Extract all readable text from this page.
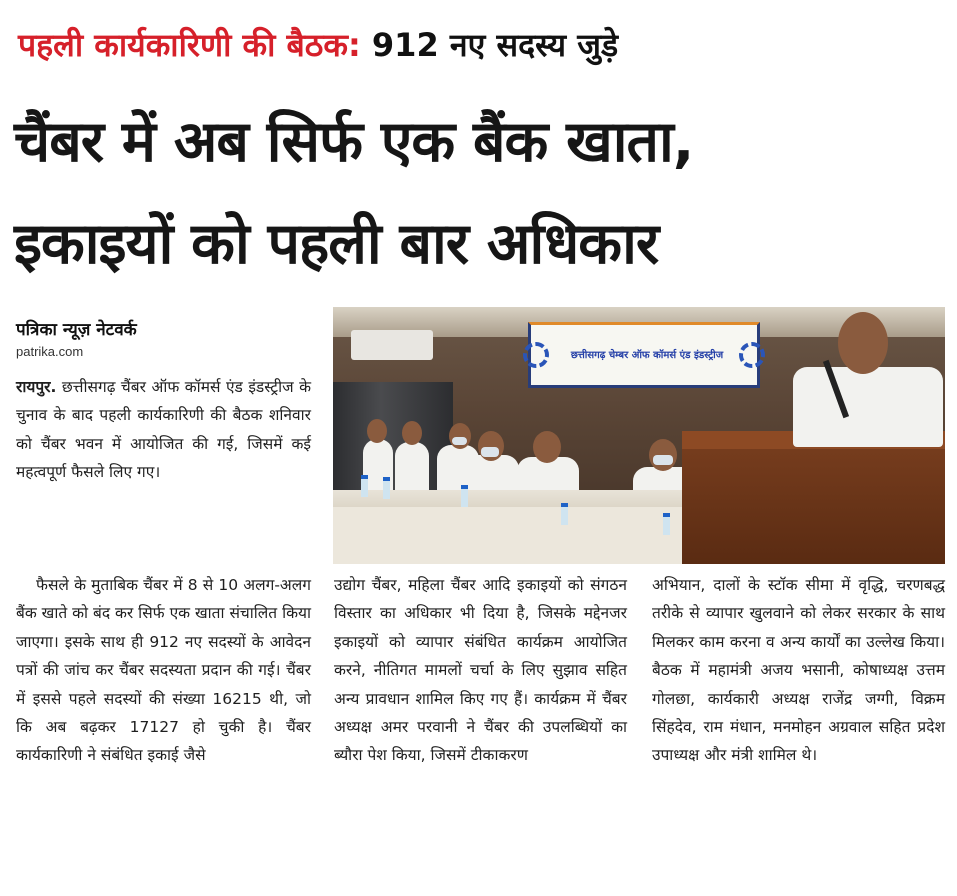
पहली कार्यकारिणी की बैठक: 912 नए सदस्य जुड़े
चैंबर में अब सिर्फ एक बैंक खाता,
इकाइयों को पहली बार अधिकार
पत्रिका न्यूज़ नेटवर्क
patrika.com	छत्तीसगढ़ चेम्बर ऑफ कॉमर्स एंड इंडस्ट्रीज

रायपुर. छत्तीसगढ़ चैंबर ऑफ कॉमर्स एंड इंडस्ट्रीज के चुनाव के बाद पहली कार्यकारिणी की बैठक शनिवार को चैंबर भवन में आयोजित की गई, जिसमें कई महत्वपूर्ण फैसले लिए गए।

फैसले के मुताबिक चैंबर में 8 से 10 अलग-अलग बैंक खाते को बंद कर सिर्फ एक खाता संचालित किया जाएगा। इसके साथ ही 912 नए सदस्यों के आवेदन पत्रों की जांच कर चैंबर सदस्यता प्रदान की गई। चैंबर में इससे पहले सदस्यों की संख्या 16215 थी, जो कि अब बढ़कर 17127 हो चुकी है। चैंबर कार्यकारिणी ने संबंधित इकाई जैसे

उद्योग चैंबर, महिला चैंबर आदि इकाइयों को संगठन विस्तार का अधिकार भी दिया है, जिसके मद्देनजर इकाइयों को व्यापार संबंधित कार्यक्रम आयोजित करने, नीतिगत मामलों चर्चा के लिए सुझाव सहित अन्य प्रावधान शामिल किए गए हैं। कार्यक्रम में चैंबर अध्यक्ष अमर परवानी ने चैंबर की उपलब्धियों का ब्यौरा पेश किया, जिसमें टीकाकरण

अभियान, दालों के स्टॉक सीमा में वृद्धि, चरणबद्ध तरीके से व्यापार खुलवाने को लेकर सरकार के साथ मिलकर काम करना व अन्य कार्यों का उल्लेख किया। बैठक में महामंत्री अजय भसानी, कोषाध्यक्ष उत्तम गोलछा, कार्यकारी अध्यक्ष राजेंद्र जग्गी, विक्रम सिंहदेव, राम मंधान, मनमोहन अग्रवाल सहित प्रदेश उपाध्यक्ष और मंत्री शामिल थे।
